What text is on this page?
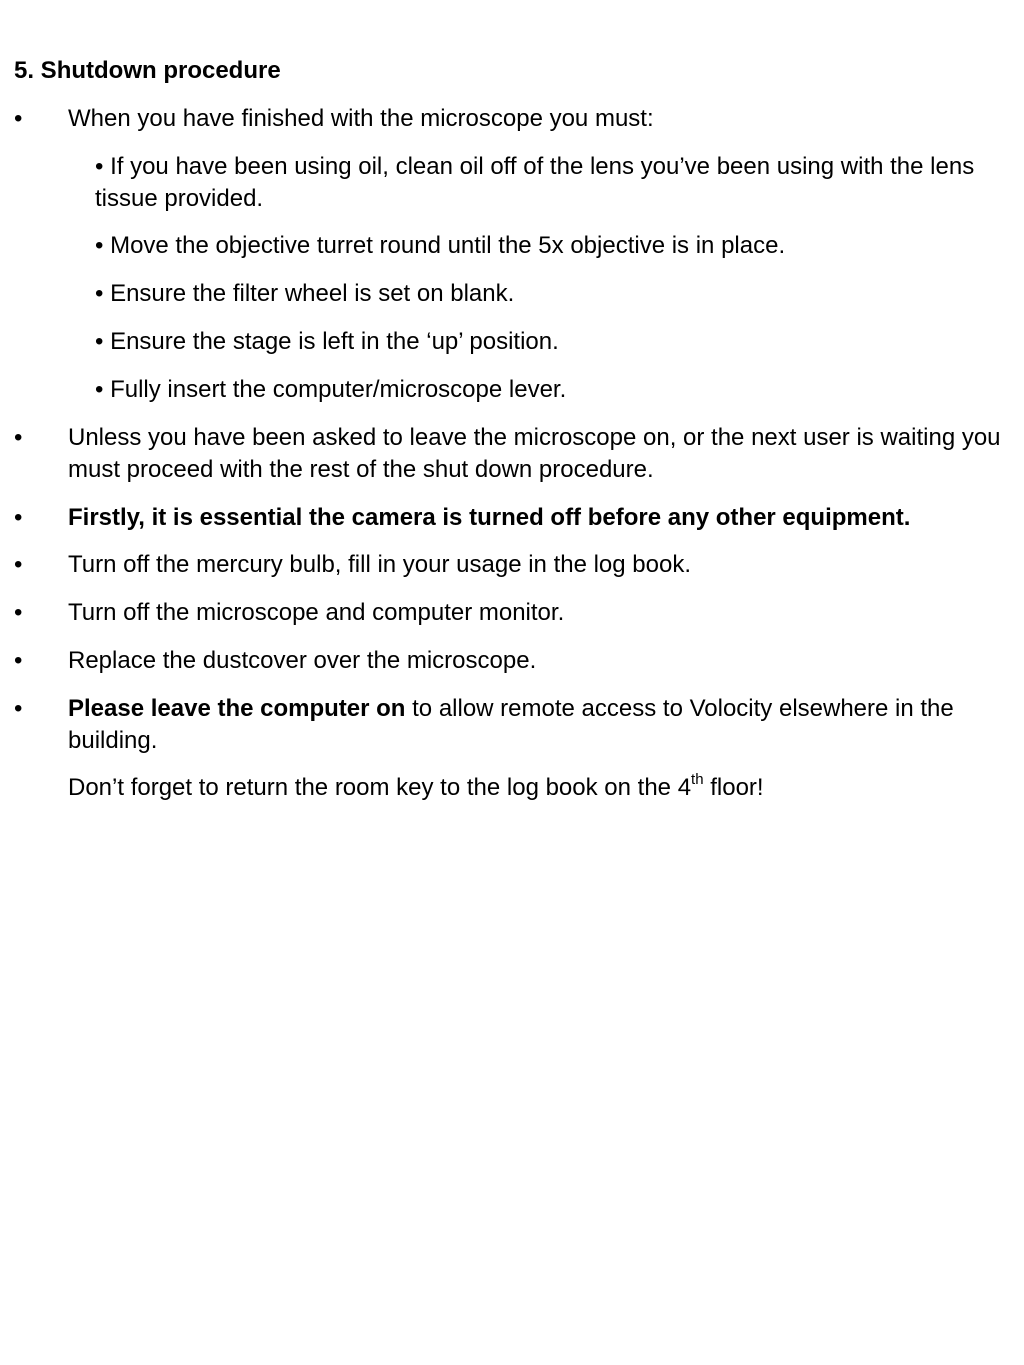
5. Shutdown procedure
• When you have finished with the microscope you must:
• If you have been using oil, clean oil off of the lens you’ve been using with the lens tissue provided.
• Move the objective turret round until the 5x objective is in place.
• Ensure the filter wheel is set on blank.
• Ensure the stage is left in the ‘up’ position.
• Fully insert the computer/microscope lever.
• Unless you have been asked to leave the microscope on, or the next user is waiting you must proceed with the rest of the shut down procedure.
• Firstly, it is essential the camera is turned off before any other equipment.
• Turn off the mercury bulb, fill in your usage in the log book.
• Turn off the microscope and computer monitor.
• Replace the dustcover over the microscope.
• Please leave the computer on to allow remote access to Volocity elsewhere in the building.
Don’t forget to return the room key to the log book on the 4th floor!
